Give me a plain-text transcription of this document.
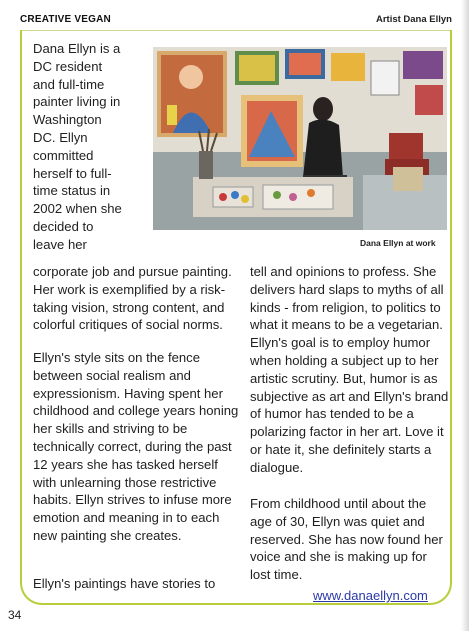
CREATIVE VEGAN	Artist Dana Ellyn
Dana Ellyn is a
DC resident
and full-time
painter living in
Washington
DC. Ellyn
committed
herself to full-
time status in
2002 when she
decided to
leave her	Dana Ellyn at work
corporate job and pursue painting. Her work is exemplified by a risk-taking vision, strong content, and colorful critiques of social norms.
Ellyn's style sits on the fence between social realism and expressionism. Having spent her childhood and college years honing her skills and striving to be technically correct, during the past 12 years she has tasked herself with unlearning those restrictive habits. Ellyn strives to infuse more emotion and meaning in to each new painting she creates.
Ellyn's paintings have stories to
tell and opinions to profess. She delivers hard slaps to myths of all kinds - from religion, to politics to what it means to be a vegetarian. Ellyn's goal is to employ humor when holding a subject up to her artistic scrutiny. But, humor is as subjective as art and Ellyn's brand of humor has tended to be a polarizing factor in her art. Love it or hate it, she definitely starts a dialogue.
From childhood until about the age of 30, Ellyn was quiet and reserved. She has now found her voice and she is making up for lost time.
www.danaellyn.com
34
